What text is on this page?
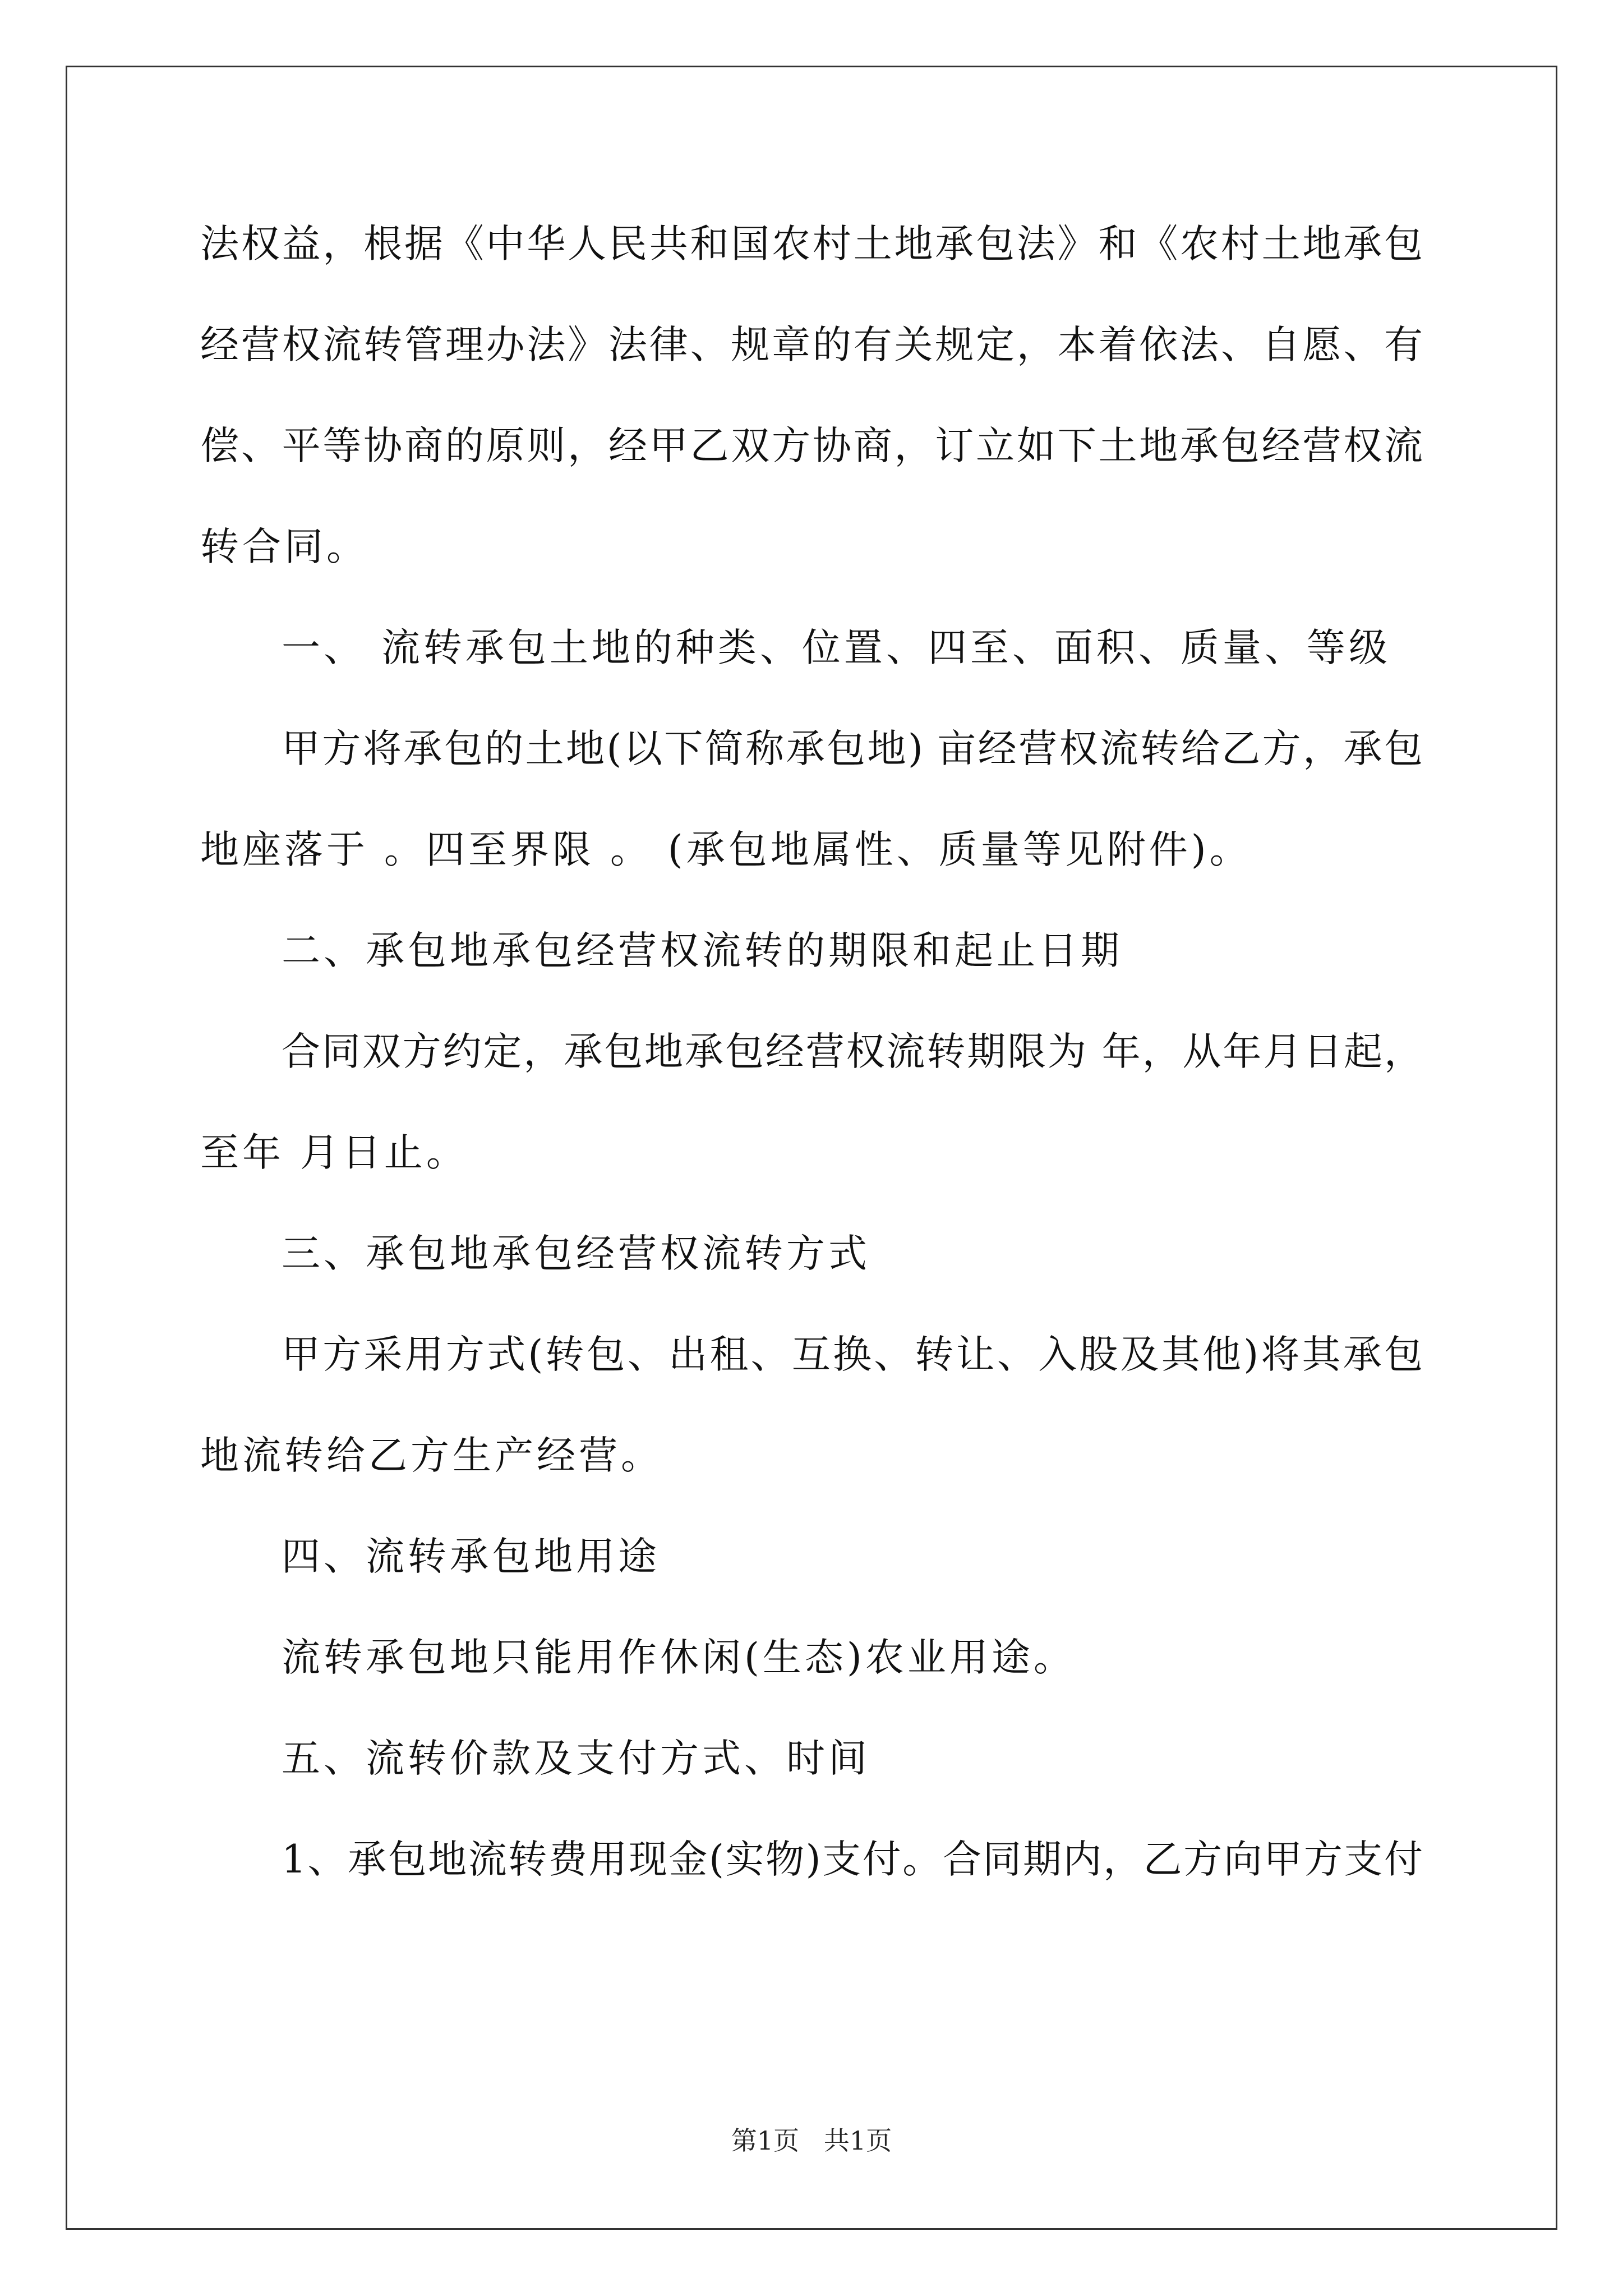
法权益，根据《中华人民共和国农村土地承包法》和《农村土地承包
经营权流转管理办法》法律、规章的有关规定，本着依法、自愿、有
偿、平等协商的原则，经甲乙双方协商，订立如下土地承包经营权流
转合同。
一、 流转承包土地的种类、位置、四至、面积、质量、等级
甲方将承包的土地(以下简称承包地) 亩经营权流转给乙方，承包
地座落于 。四至界限 。 (承包地属性、质量等见附件)。
二、承包地承包经营权流转的期限和起止日期
合同双方约定，承包地承包经营权流转期限为 年，从年月日起，
至年 月日止。
三、承包地承包经营权流转方式
甲方采用方式(转包、出租、互换、转让、入股及其他)将其承包
地流转给乙方生产经营。
四、流转承包地用途
流转承包地只能用作休闲(生态)农业用途。
五、流转价款及支付方式、时间
1、承包地流转费用现金(实物)支付。合同期内，乙方向甲方支付
第1页   共1页
